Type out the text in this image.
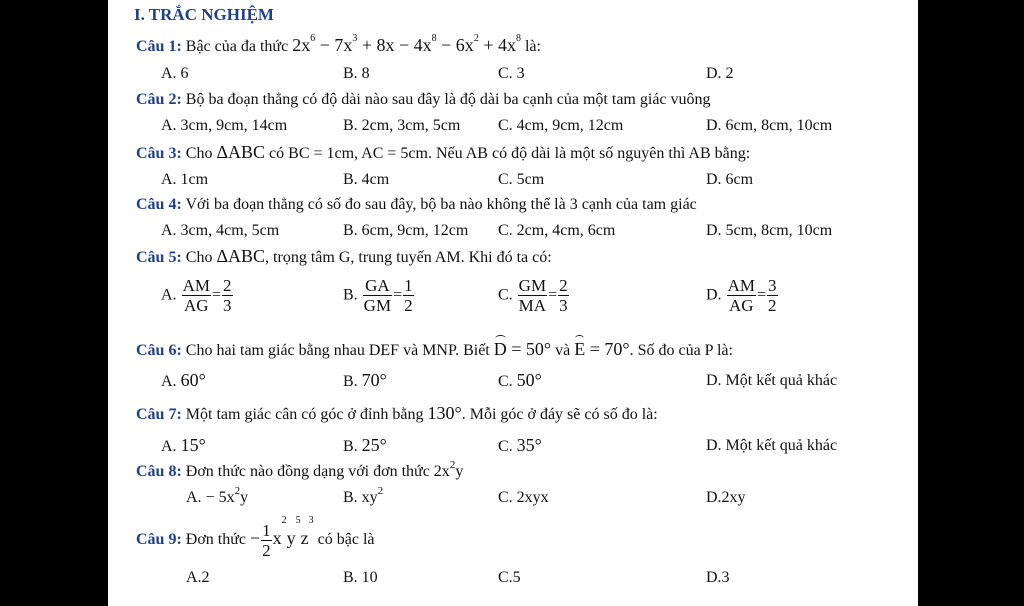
I. TRẮC NGHIỆM
Câu 1: Bậc của đa thức $2x^6 - 7x^3 + 8x - 4x^8 - 6x^2 + 4x^8$ là:
A. 6	B. 8	C. 3	D. 2
Câu 2: Bộ ba đoạn thẳng có độ dài nào sau đây là độ dài ba cạnh của một tam giác vuông
A. 3cm, 9cm, 14cm	B. 2cm, 3cm, 5cm C. 4cm, 9cm, 12cm	D. 6cm, 8cm, 10cm
Câu 3: Cho ΔABC có BC = 1cm, AC = 5cm. Nếu AB có độ dài là một số nguyên thì AB bằng:
A. 1cm	B. 4cm	C. 5cm	D. 6cm
Câu 4: Với ba đoạn thẳng có số đo sau đây, bộ ba nào không thể là 3 cạnh của tam giác
A. 3cm, 4cm, 5cm	B. 6cm, 9cm, 12cm C. 2cm, 4cm, 6cm	D. 5cm, 8cm, 10cm
Câu 5: Cho ΔABC, trọng tâm G, trung tuyến AM. Khi đó ta có:
A. $\frac{AM}{AG} = \frac{2}{3}$	B. $\frac{GA}{GM} = \frac{1}{2}$	C. $\frac{GM}{MA} = \frac{2}{3}$	D. $\frac{AM}{AG} = \frac{3}{2}$
Câu 6: Cho hai tam giác bằng nhau DEF và MNP. Biết D = 50° và E = 70°. Số đo của P là:
A. 60°	B. 70°	C. 50°	D. Một kết quả khác
Câu 7: Một tam giác cân có góc ở đỉnh bằng 130°. Mỗi góc ở đáy sẽ có số đo là:
A. 15°	B. 25°	C. 35°	D. Một kết quả khác
Câu 8: Đơn thức nào đồng dạng với đơn thức $2x^2y$
A. − $5x^2y$	B. $xy^2$	C. 2xyx	D.2xy
Câu 9: Đơn thức − $\frac{1}{2} x^2y^5z^3$ có bậc là
A.2	B. 10	C.5	D.3
